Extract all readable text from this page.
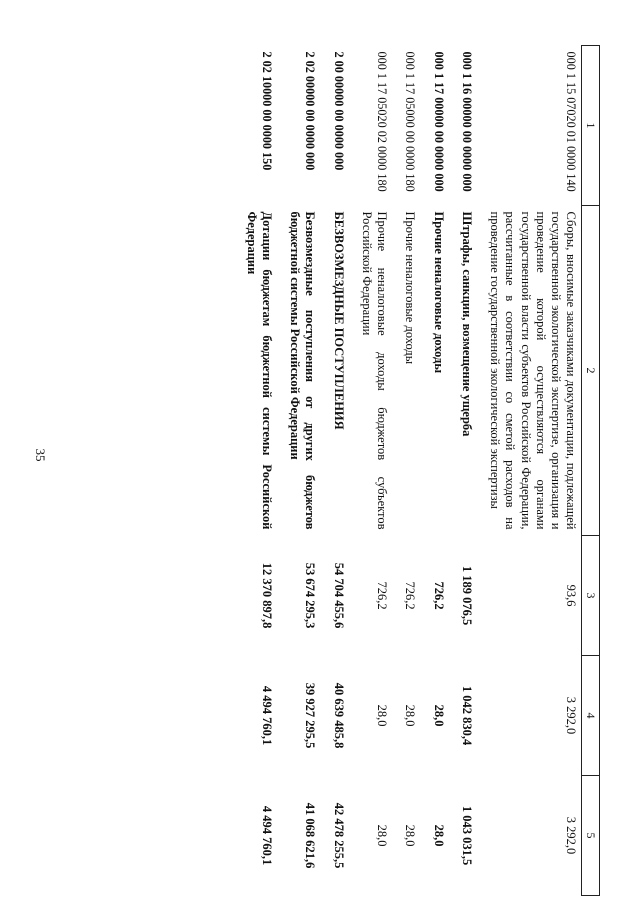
35
1	2	3	4	5
000 1 15 07020 01 0000 140	Сборы, вносимые заказчиками документации, подлежащей государственной экологической экспертизе, организация и проведение которой осуществляются органами государственной власти субъектов Российской Федерации, рассчитанные в соответствии со сметой расходов на проведение государственной экологической экспертизы	93,6	3 292,0	3 292,0
000 1 16 00000 00 0000 000	Штрафы, санкции, возмещение ущерба	1 189 076,5	1 042 830,4	1 043 031,5
000 1 17 00000 00 0000 000	Прочие неналоговые доходы	726,2	28,0	28,0
000 1 17 05000 00 0000 180	Прочие неналоговые доходы	726,2	28,0	28,0
000 1 17 05020 02 0000 180	Прочие неналоговые доходы бюджетов субъектов Российской Федерации	726,2	28,0	28,0
2 00 00000 00 0000 000	БЕЗВОЗМЕЗДНЫЕ ПОСТУПЛЕНИЯ	54 704 455,6	40 639 485,8	42 478 255,5
2 02 00000 00 0000 000	Безвозмездные поступления от других бюджетов бюджетной системы Российской Федерации	53 674 295,3	39 927 295,5	41 068 621,6
2 02 10000 00 0000 150	Дотации бюджетам бюджетной системы Российской Федерации	12 370 897,8	4 494 760,1	4 494 760,1
